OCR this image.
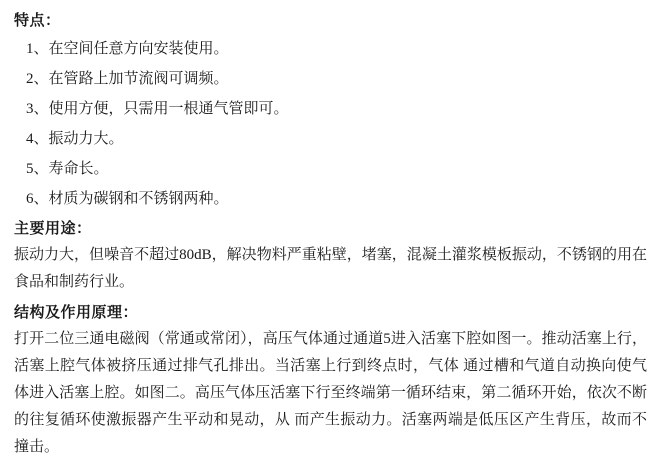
特点：

1、在空间任意方向安装使用。
2、在管路上加节流阀可调频。
3、使用方便，只需用一根通气管即可。
4、振动力大。
5、寿命长。
6、材质为碳钢和不锈钢两种。

主要用途：

振动力大，但噪音不超过80dB，解决物料严重粘壁，堵塞，混凝土灌浆模板振动，不锈钢的用在食品和制药行业。

结构及作用原理：

打开二位三通电磁阀（常通或常闭），高压气体通过通道5进入活塞下腔如图一。推动活塞上行，活塞上腔气体被挤压通过排气孔排出。当活塞上行到终点时，气体 通过槽和气道自动换向使气体进入活塞上腔。如图二。高压气体压活塞下行至终端第一循环结束，第二循环开始，依次不断的往复循环使激振器产生平动和晃动，从 而产生振动力。活塞两端是低压区产生背压，故而不撞击。
